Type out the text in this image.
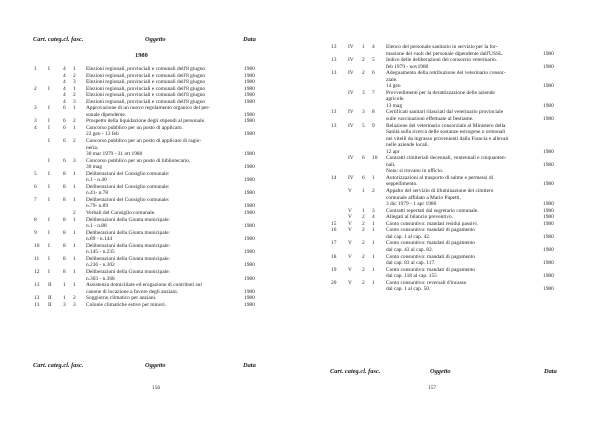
Cart. categ.cl. fasc.	Oggetto	Data
1980
1 I 4 1 Elezioni regionali, provinciali e comunali dell'8 giugno	1980
4 2 Elezioni regionali, provinciali e comunali dell'8 giugno	1980
4 3 Elezioni regionali, provinciali e comunali dell'8 giugno	1980
2 I 4 1 Elezioni regionali, provinciali e comunali dell'8 giugno	1980
4 2 Elezioni regionali, provinciali e comunali dell'8 giugno	1980
4 3 Elezioni regionali, provinciali e comunali dell'8 giugno	1980
3 I 6 1 Approvazione di un nuovo regolamento organico del per-
sonale dipendente.	1980
3 I 6 2 Prospetto della liquidazione degli stipendi al personale.	1980
4 I 6 1 Concorso pubblico per un posto di applicato.
22 gen - 13 feb	1980
I 6 2 Concorso pubblico per un posto di applicato di ragio-
neria.
30 mar 1979 - 31 ott 1980	1980
I 6 3 Concorso pubblico per un posto di bibliotecario.
30 mag	1980
5 I 8 1 Deliberazioni del Consiglio comunale:
n.1 - n.40	1980
6 I 8 1 Deliberazioni del Consiglio comunale:
n.41- n.78	1980
7 I 8 1 Deliberazioni del Consiglio comunale:
n.79- n.89	1980
2 Verbali del Consiglio comunale.	1980
8 I 8 1 Deliberazioni della Giunta municipale:
n.1 - n.88	1980
9 I 8 1 Deliberazioni della Giunta municipale:
n.89 - n.144	1980
10 I 8 1 Deliberazioni della Giunta municipale:
n.145 - n.235	1980
11 I 8 1 Deliberazioni della Giunta municipale:
n.236 - n.302	1980
12 I 8 1 Deliberazioni della Giunta municipale:
n.303 - n.368	1980
13 II 1 1 Assistenza domiciliare ed erogazione di contributi sul
canone di locazione a favore degli anziani.	1980
13 II 1 2 Soggiorno climatico per anziani.	1980
13 II 3 3 Colonie climatiche estive per minori.	1980
Cart. categ.cl. fasc.	Oggetto	Data
156
13 IV 1 4 Elenco del personale sanitario in servizio per la for-
mazione dei ruoli del personale dipendente dall'USSL.	1980
13 IV 2 5 Indice delle deliberazioni del consorzio veterinario.
feb 1979 - nov1980	1980
13 IV 2 6 Adeguamento della retribuzione del veterinario consor-
ziale.
14 gen	1980
IV 3 7 Provvedimenti per la derattizzazione delle aziende
agricole.
13 mag	1980
13 IV 3 8 Certificati sanitari rilasciati dal veterinario provinciale
sulle vaccinazioni effettuate al bestiame.	1980
13 IV 5 9 Relazione del veterinario consorziale al Ministero della
Sanità sulla ricerca delle sostanze estrogene o ormonali
nei vitelli da ingrasso provenienti dalla Francia e allevati
nelle aziende locali.
12 apr	1980
IV 6 10 Contratti cimiteriali decennali, ventennali e cinquanten-
nali.	1980
Nota: si trovano in ufficio.
14 IV 6 1 Autorizzazioni al trasporto di salme e permessi di
seppellimento.	1980
V 1 2 Appalto del servizio di illuminazione del cimitero
comunale affidato a Mario Papetti.
3 dic 1979 - 1 apr 1980	1980
V 1 3 Contratti repertati dal segretario comunale.	1980
V 2 4 Allegati al bilancio preventivo.	1980
15 V 2 1 Conto consuntivo: mandati residui passivi.	1980
16 V 2 1 Conto consuntivo: mandati di pagamento
dal cap. 1 al cap. 42.	1980
17 V 2 1 Conto consuntivo: mandati di pagamento
dal cap. 43 al cap. 82.	1980
18 V 2 1 Conto consuntivo: mandati di pagamento
dal cap. 83 al cap. 117.	1980
19 V 2 1 Conto consuntivo: mandati di pagamento
dal cap. 118 al cap. 155	1980
20 V 2 1 Conto consuntivo: reversali d'incasso
dal cap. 1 al cap. 50.	1980
Cart. categ.cl. fasc.	Oggetto	Data
157
